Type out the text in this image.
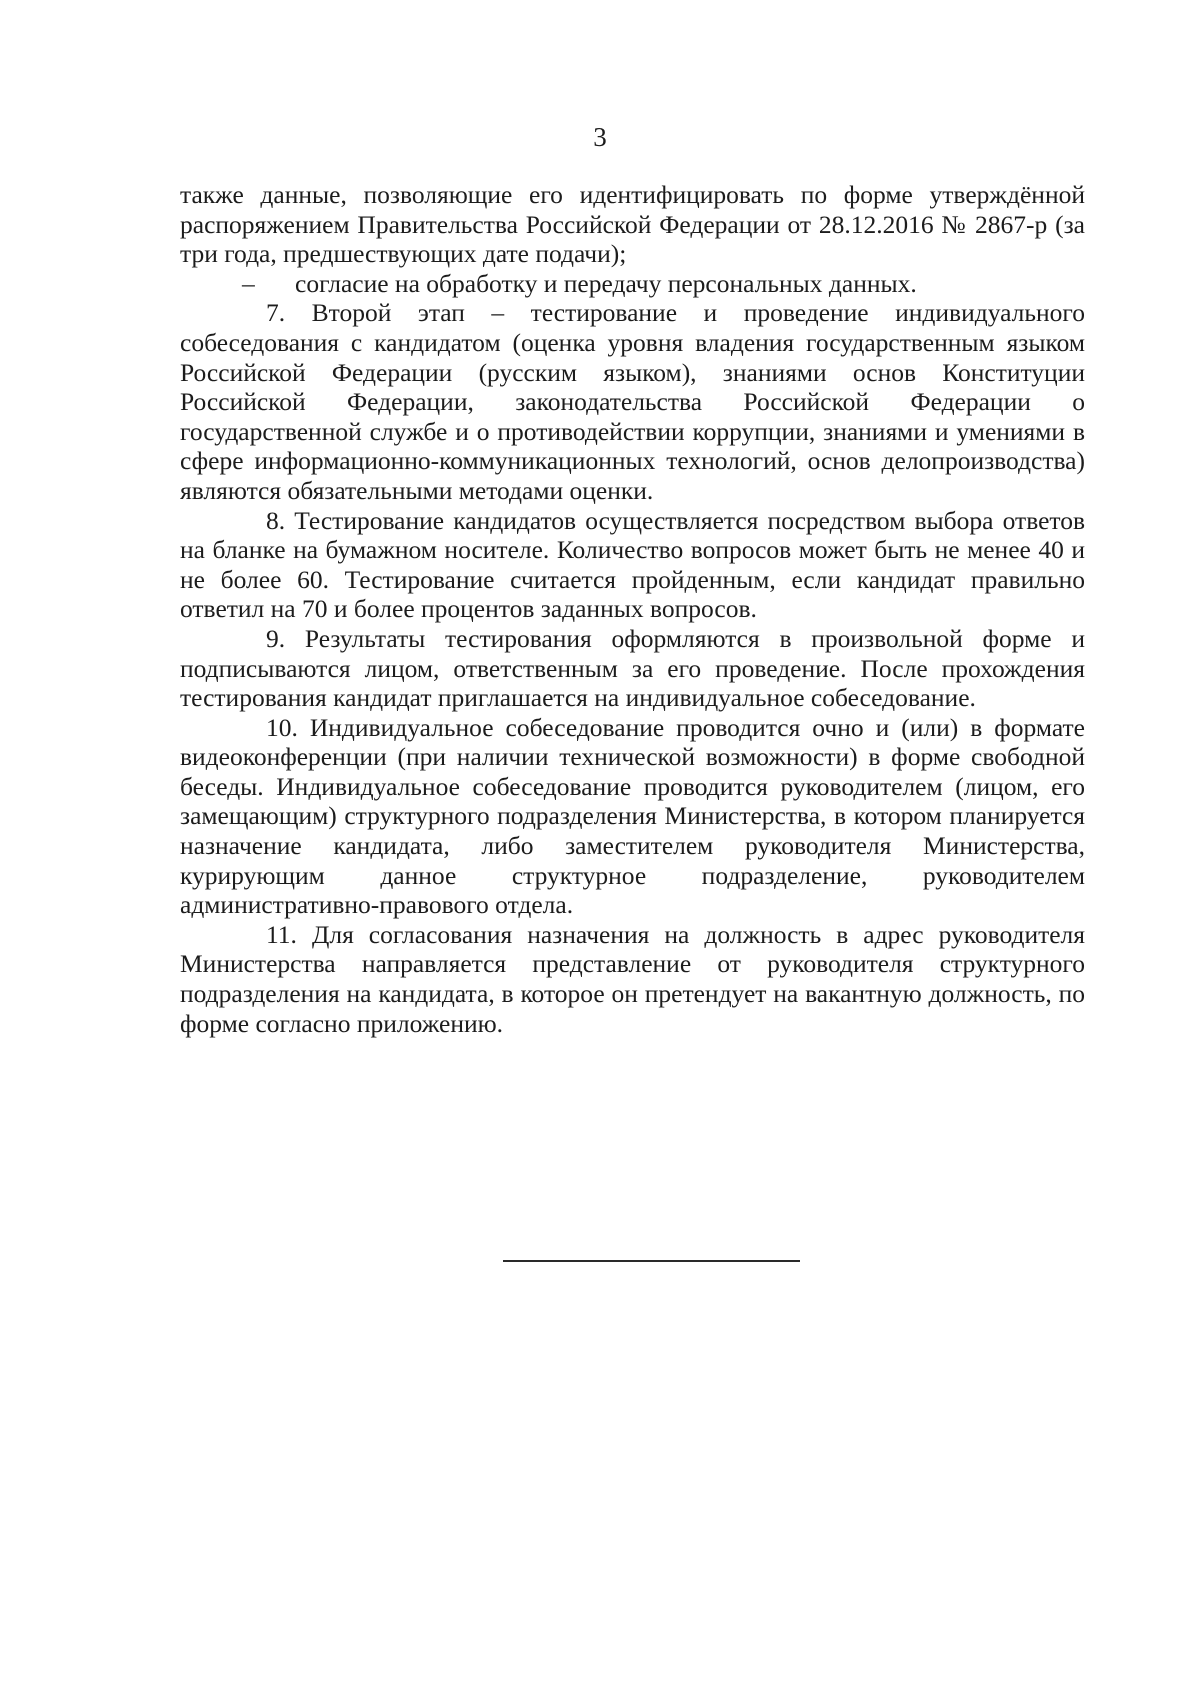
3

также данные, позволяющие его идентифицировать по форме утверждённой распоряжением Правительства Российской Федерации от 28.12.2016 № 2867-р (за три года, предшествующих дате подачи);

– согласие на обработку и передачу персональных данных.

7. Второй этап – тестирование и проведение индивидуального собеседования с кандидатом (оценка уровня владения государственным языком Российской Федерации (русским языком), знаниями основ Конституции Российской Федерации, законодательства Российской Федерации о государственной службе и о противодействии коррупции, знаниями и умениями в сфере информационно-коммуникационных технологий, основ делопроизводства) являются обязательными методами оценки.

8. Тестирование кандидатов осуществляется посредством выбора ответов на бланке на бумажном носителе. Количество вопросов может быть не менее 40 и не более 60. Тестирование считается пройденным, если кандидат правильно ответил на 70 и более процентов заданных вопросов.

9. Результаты тестирования оформляются в произвольной форме и подписываются лицом, ответственным за его проведение. После прохождения тестирования кандидат приглашается на индивидуальное собеседование.

10. Индивидуальное собеседование проводится очно и (или) в формате видеоконференции (при наличии технической возможности) в форме свободной беседы. Индивидуальное собеседование проводится руководителем (лицом, его замещающим) структурного подразделения Министерства, в котором планируется назначение кандидата, либо заместителем руководителя Министерства, курирующим данное структурное подразделение, руководителем административно-правового отдела.

11. Для согласования назначения на должность в адрес руководителя Министерства направляется представление от руководителя структурного подразделения на кандидата, в которое он претендует на вакантную должность, по форме согласно приложению.
